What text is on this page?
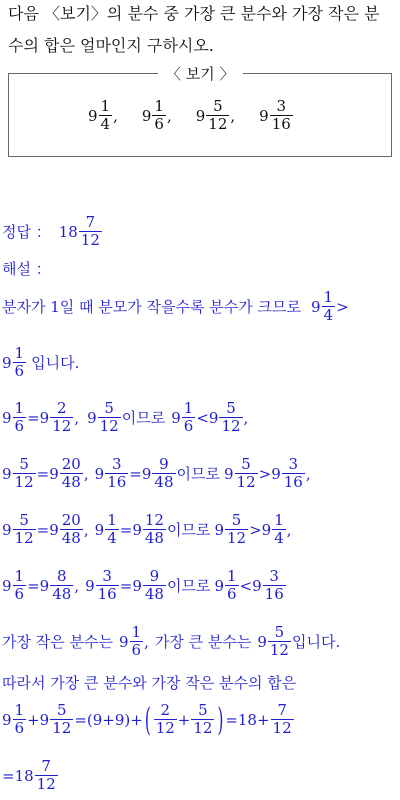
다음 〈보기〉의 분수 중 가장 큰 분수와 가장 작은 분
수의 합은 얼마인지 구하시오.
〈 보기 〉
$9 \frac{1}{4}$ , $9 \frac{1}{6}$ , $9 \frac{5}{12}$ , $9 \frac{3}{16}$
정답 ： $18 \frac{7}{12}$
해설 ：
분자가 1일 때 분모가 작을수록 분수가 크므로 $9 \frac{1}{4}$ >
$9 \frac{1}{6}$ 입니다.
$9 \frac{1}{6} = 9 \frac{2}{12}$ , $9 \frac{5}{12}$ 이므로 $9 \frac{1}{6} < 9 \frac{5}{12}$ ,
$9 \frac{5}{12} = 9 \frac{20}{48}$ , $9 \frac{3}{16} = 9 \frac{9}{48}$ 이므로 $9 \frac{5}{12} > 9 \frac{3}{16}$ ,
$9 \frac{5}{12} = 9 \frac{20}{48}$ , $9 \frac{1}{4} = 9 \frac{12}{48}$ 이므로 $9 \frac{5}{12} > 9 \frac{1}{4}$ ,
$9 \frac{1}{6} = 9 \frac{8}{48}$ , $9 \frac{3}{16} = 9 \frac{9}{48}$ 이므로 $9 \frac{1}{6} < 9 \frac{3}{16}$
가장 작은 분수는 $9 \frac{1}{6}$ , 가장 큰 분수는 $9 \frac{5}{12}$ 입니다.
따라서 가장 큰 분수와 가장 작은 분수의 합은
$9 \frac{1}{6} + 9 \frac{5}{12} = (9+9)+$ ( $\frac{2}{12} + \frac{5}{12}$ ) $=18+ \frac{7}{12}$
$=18 \frac{7}{12}$
